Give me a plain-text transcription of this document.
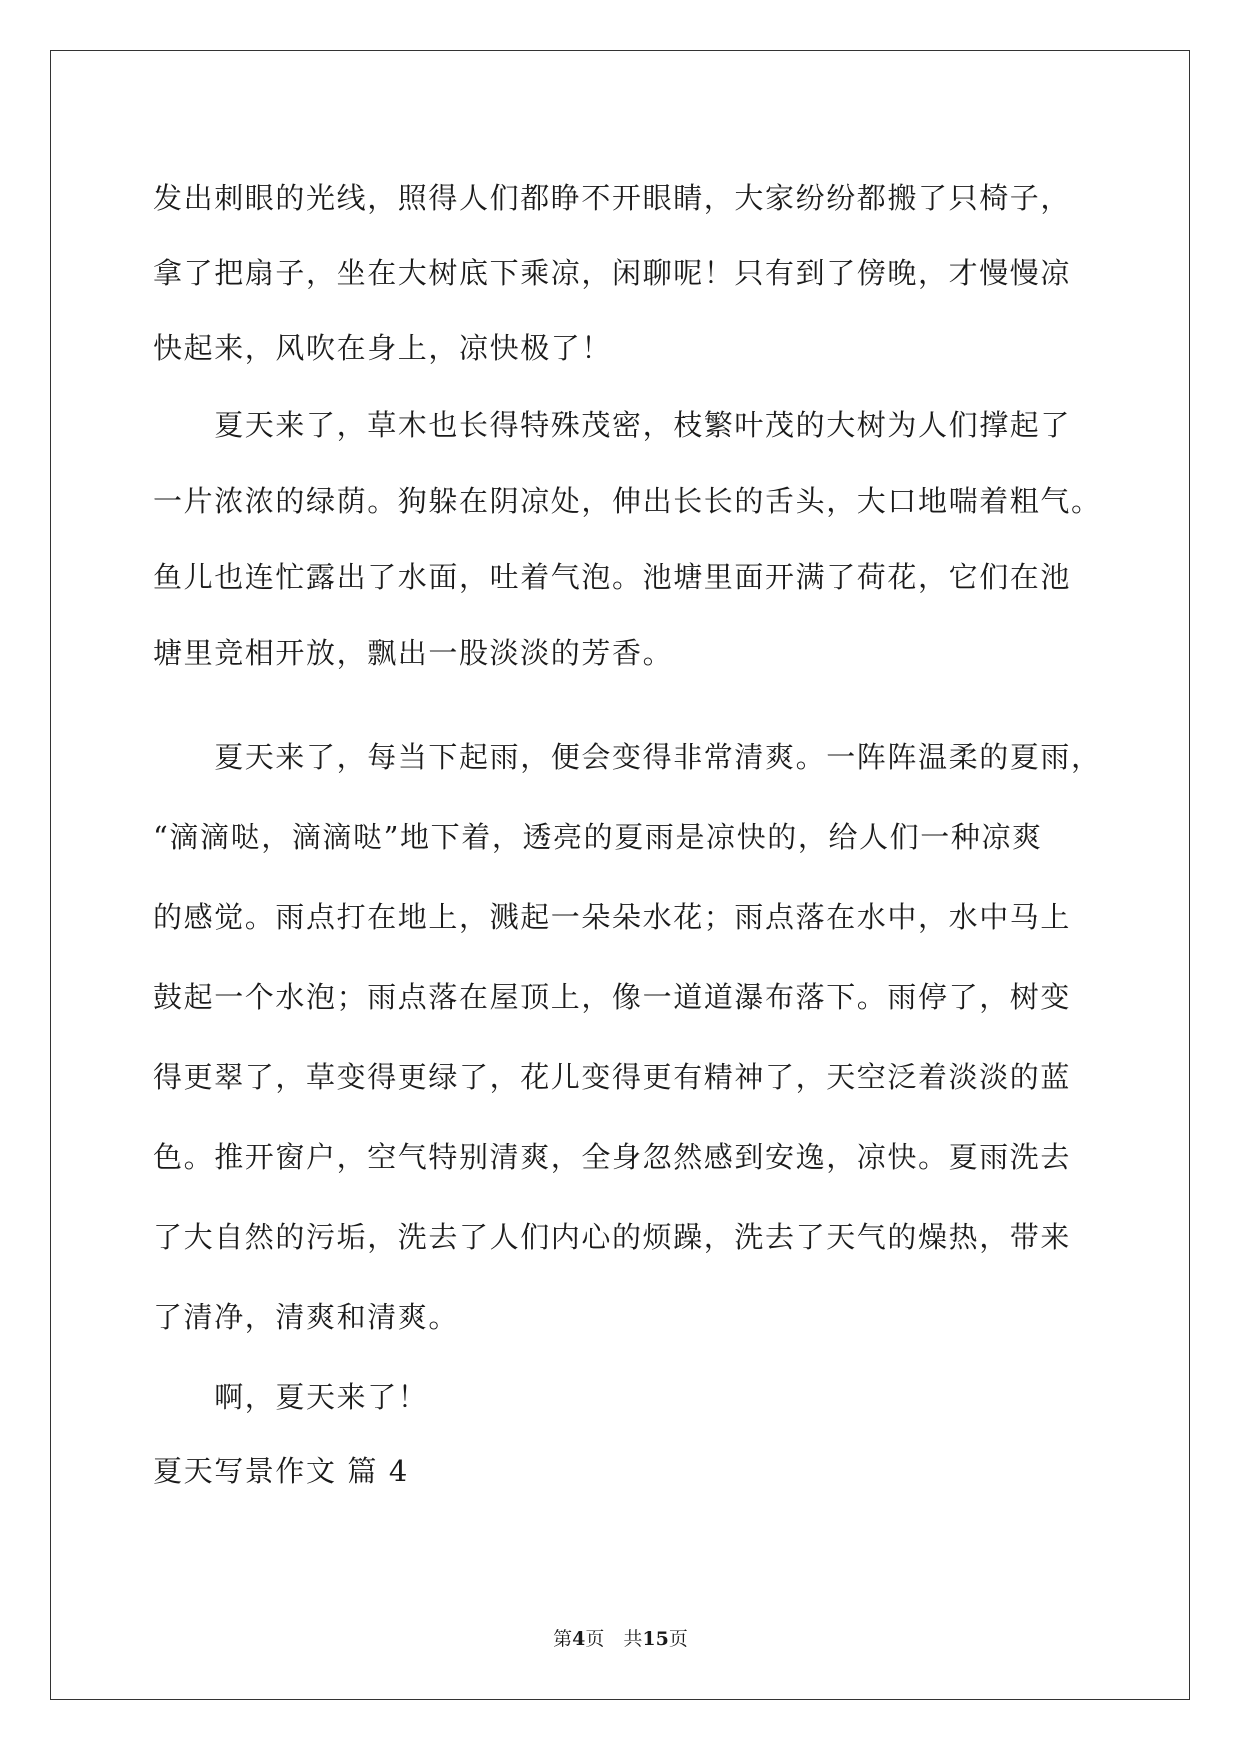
发出刺眼的光线，照得人们都睁不开眼睛，大家纷纷都搬了只椅子，
拿了把扇子，坐在大树底下乘凉，闲聊呢！只有到了傍晚，才慢慢凉
快起来，风吹在身上，凉快极了！
　　夏天来了，草木也长得特殊茂密，枝繁叶茂的大树为人们撑起了
一片浓浓的绿荫。狗躲在阴凉处，伸出长长的舌头，大口地喘着粗气。
鱼儿也连忙露出了水面，吐着气泡。池塘里面开满了荷花，它们在池
塘里竞相开放，飘出一股淡淡的芳香。
　　夏天来了，每当下起雨，便会变得非常清爽。一阵阵温柔的夏雨，
“滴滴哒，滴滴哒”地下着，透亮的夏雨是凉快的，给人们一种凉爽
的感觉。雨点打在地上，溅起一朵朵水花；雨点落在水中，水中马上
鼓起一个水泡；雨点落在屋顶上，像一道道瀑布落下。雨停了，树变
得更翠了，草变得更绿了，花儿变得更有精神了，天空泛着淡淡的蓝
色。推开窗户，空气特别清爽，全身忽然感到安逸，凉快。夏雨洗去
了大自然的污垢，洗去了人们内心的烦躁，洗去了天气的燥热，带来
了清净，清爽和清爽。
　　啊，夏天来了！
夏天写景作文 篇 4
第4页　共15页
